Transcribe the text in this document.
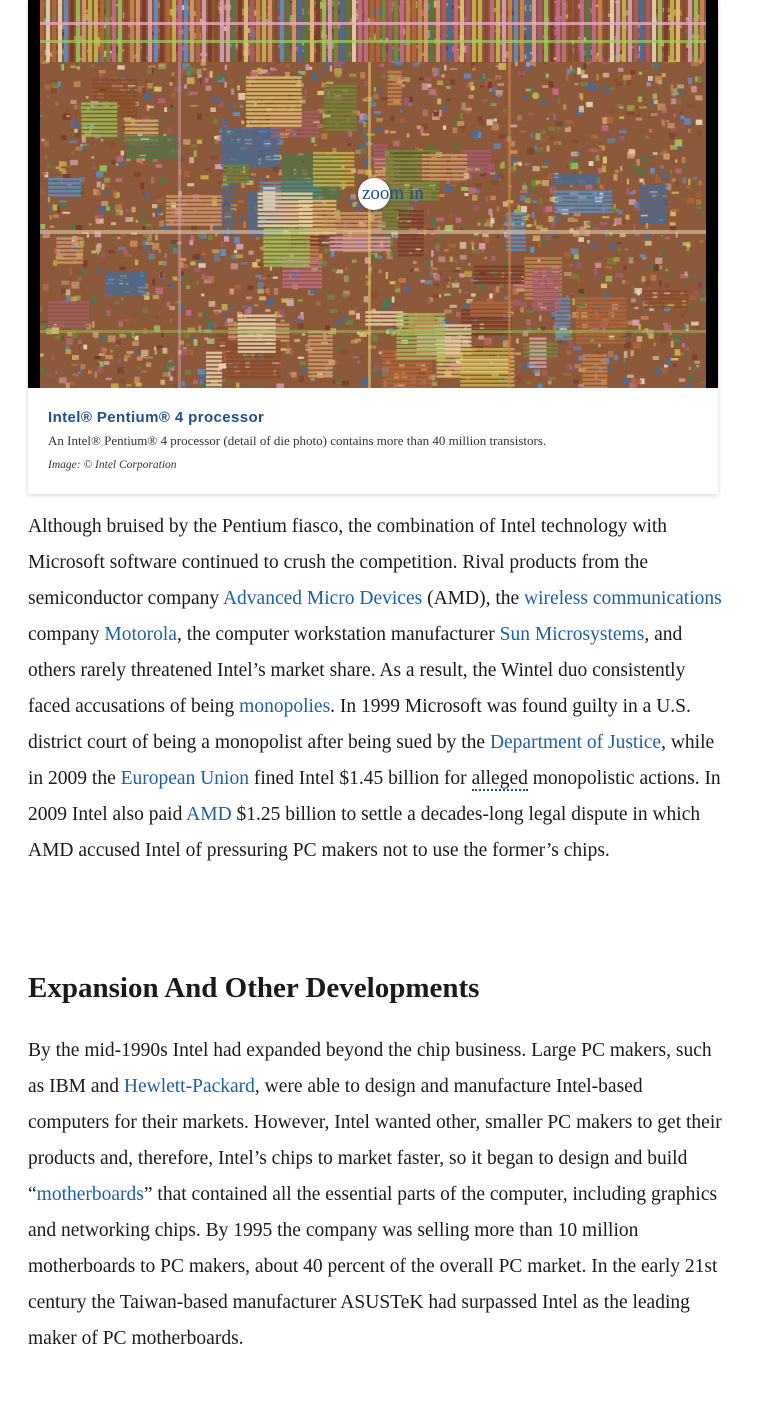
zoom in

Intel® Pentium® 4 processor

An Intel® Pentium® 4 processor (detail of die photo) contains more than 40 million transistors.

Image: © Intel Corporation

Although bruised by the Pentium fiasco, the combination of Intel technology with Microsoft software continued to crush the competition. Rival products from the semiconductor company Advanced Micro Devices (AMD), the wireless communications company Motorola, the computer workstation manufacturer Sun Microsystems, and others rarely threatened Intel’s market share. As a result, the Wintel duo consistently faced accusations of being monopolies. In 1999 Microsoft was found guilty in a U.S. district court of being a monopolist after being sued by the Department of Justice, while in 2009 the European Union fined Intel $1.45 billion for alleged monopolistic actions. In 2009 Intel also paid AMD $1.25 billion to settle a decades-long legal dispute in which AMD accused Intel of pressuring PC makers not to use the former’s chips.

Expansion And Other Developments

By the mid-1990s Intel had expanded beyond the chip business. Large PC makers, such as IBM and Hewlett-Packard, were able to design and manufacture Intel-based computers for their markets. However, Intel wanted other, smaller PC makers to get their products and, therefore, Intel’s chips to market faster, so it began to design and build “motherboards” that contained all the essential parts of the computer, including graphics and networking chips. By 1995 the company was selling more than 10 million motherboards to PC makers, about 40 percent of the overall PC market. In the early 21st century the Taiwan-based manufacturer ASUSTeK had surpassed Intel as the leading maker of PC motherboards.
